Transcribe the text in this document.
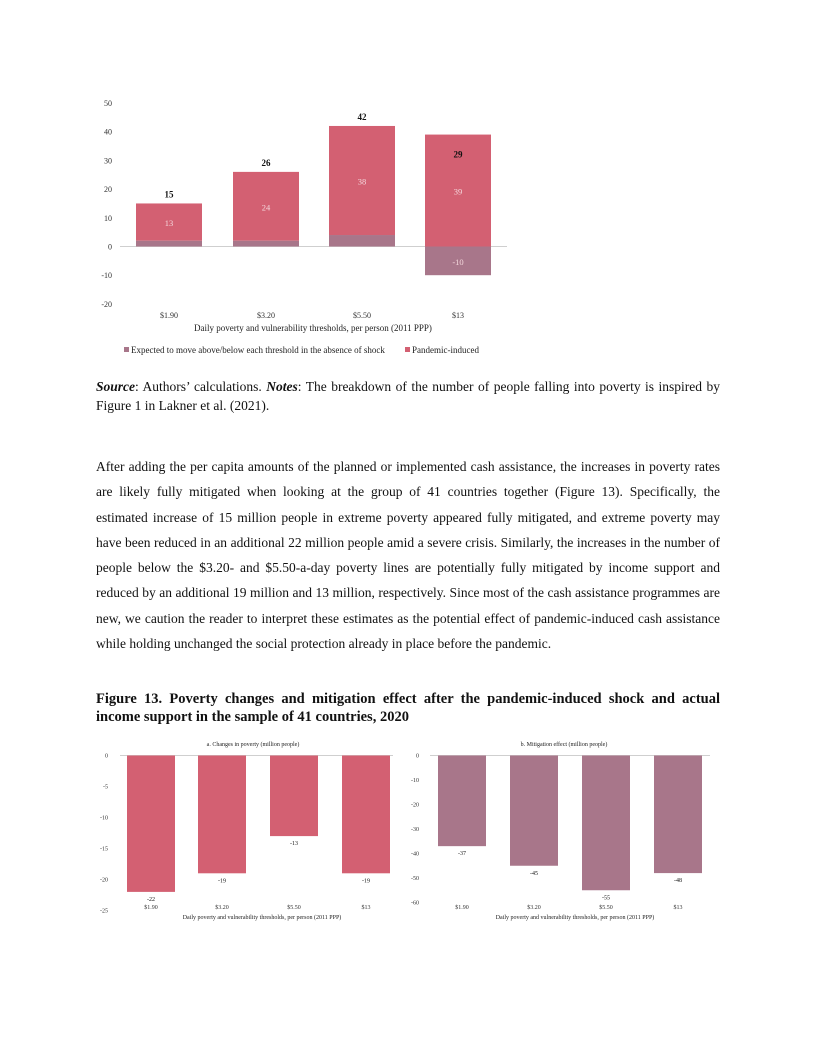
-20
-10
0
10
20
30
40
50
13
15
24
26
38
42
39
-10
29
$1.90	$3.20	$5.50	$13
Daily poverty and vulnerability thresholds, per person (2011 PPP)
Expected to move above/below each threshold in the absence of shock	Pandemic-induced
Source: Authors’ calculations. Notes: The breakdown of the number of people falling into poverty is inspired by Figure 1 in Lakner et al. (2021).

After adding the per capita amounts of the planned or implemented cash assistance, the increases in poverty rates are likely fully mitigated when looking at the group of 41 countries together (Figure 13). Specifically, the estimated increase of 15 million people in extreme poverty appeared fully mitigated, and extreme poverty may have been reduced in an additional 22 million people amid a severe crisis. Similarly, the increases in the number of people below the $3.20- and $5.50-a-day poverty lines are potentially fully mitigated by income support and reduced by an additional 19 million and 13 million, respectively. Since most of the cash assistance programmes are new, we caution the reader to interpret these estimates as the potential effect of pandemic-induced cash assistance while holding unchanged the social protection already in place before the pandemic.

Figure 13. Poverty changes and mitigation effect after the pandemic-induced shock and actual income support in the sample of 41 countries, 2020

a. Changes in poverty (million people)
-25
-20
-15
-10
-5
0
-22
-19
-13
-19
$1.90	$3.20	$5.50	$13
Daily poverty and vulnerability thresholds, per person (2011 PPP)
b. Mitigation effect (million people)
-60
-50
-40
-30
-20
-10
0
-37
-45
-55
-48
$1.90	$3.20	$5.50	$13
Daily poverty and vulnerability thresholds, per person (2011 PPP)
